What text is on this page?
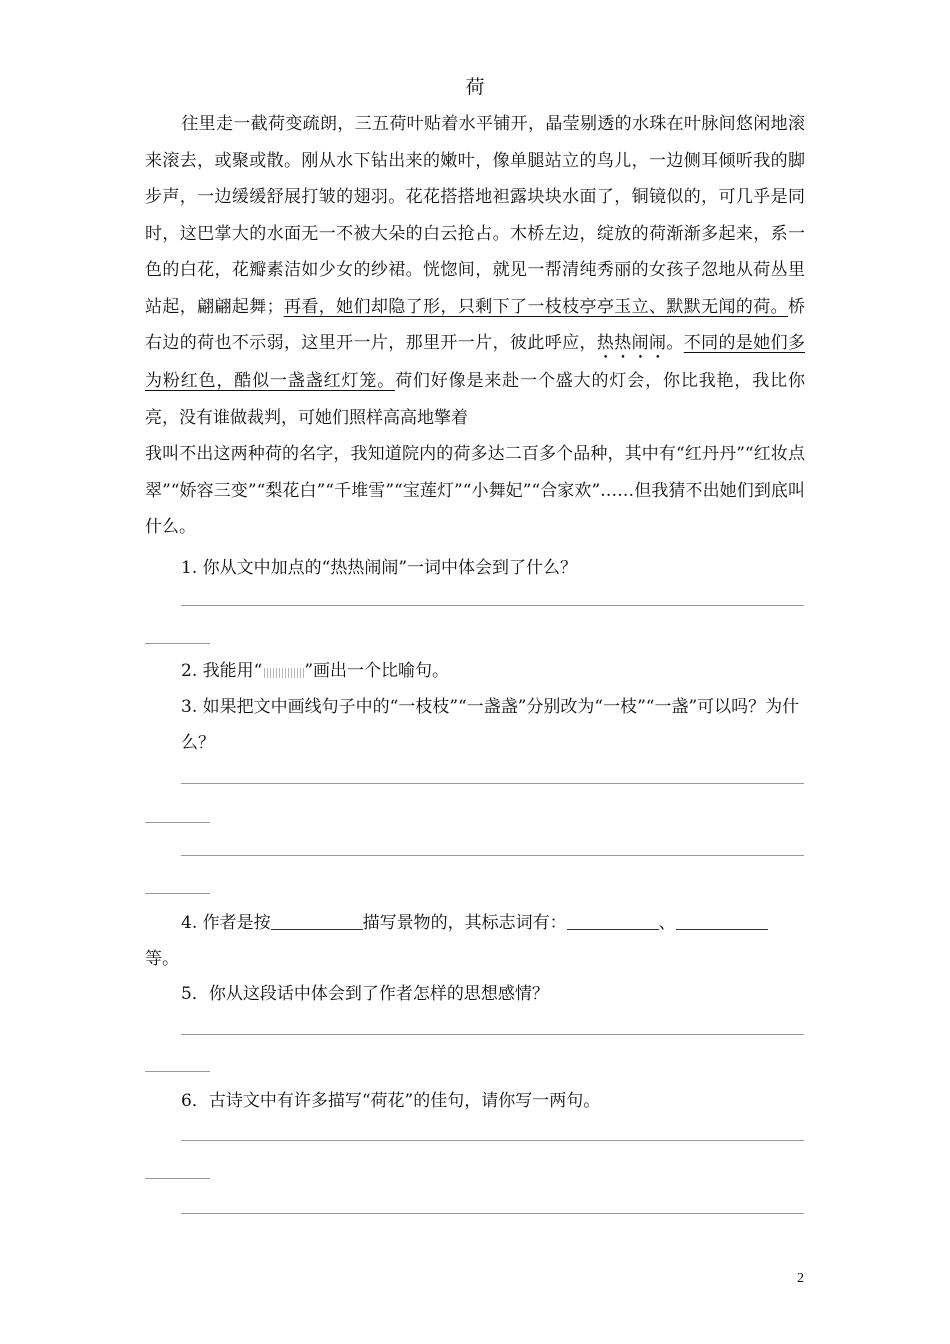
荷
往里走一截荷变疏朗，三五荷叶贴着水平铺开，晶莹剔透的水珠在叶脉间悠闲地滚来滚去，或聚或散。刚从水下钻出来的嫩叶，像单腿站立的鸟儿，一边侧耳倾听我的脚步声，一边缓缓舒展打皱的翅羽。花花搭搭地袒露块块水面了，铜镜似的，可几乎是同时，这巴掌大的水面无一不被大朵的白云抢占。木桥左边，绽放的荷渐渐多起来，系一色的白花，花瓣素洁如少女的纱裙。恍惚间，就见一帮清纯秀丽的女孩子忽地从荷丛里站起，翩翩起舞；再看，她们却隐了形，只剩下了一枝枝亭亭玉立、默默无闻的荷。桥右边的荷也不示弱，这里开一片，那里开一片，彼此呼应，热热闹闹。不同的是她们多为粉红色，酷似一盏盏红灯笼。荷们好像是来赴一个盛大的灯会，你比我艳，我比你亮，没有谁做裁判，可她们照样高高地擎着
我叫不出这两种荷的名字，我知道院内的荷多达二百多个品种，其中有“红丹丹”“红妆点翠”“娇容三变”“梨花白”“千堆雪”“宝莲灯”“小舞妃”“合家欢”……但我猜不出她们到底叫什么。
1. 你从文中加点的“热热闹闹”一词中体会到了什么？
2. 我能用“ ”画出一个比喻句。
3. 如果把文中画线句子中的“一枝枝”“一盏盏”分别改为“一枝”“一盏”可以吗？为什么？
4. 作者是按	描写景物的，其标志词有：	、
等。
5．你从这段话中体会到了作者怎样的思想感情？
6．古诗文中有许多描写“荷花”的佳句，请你写一两句。
2
